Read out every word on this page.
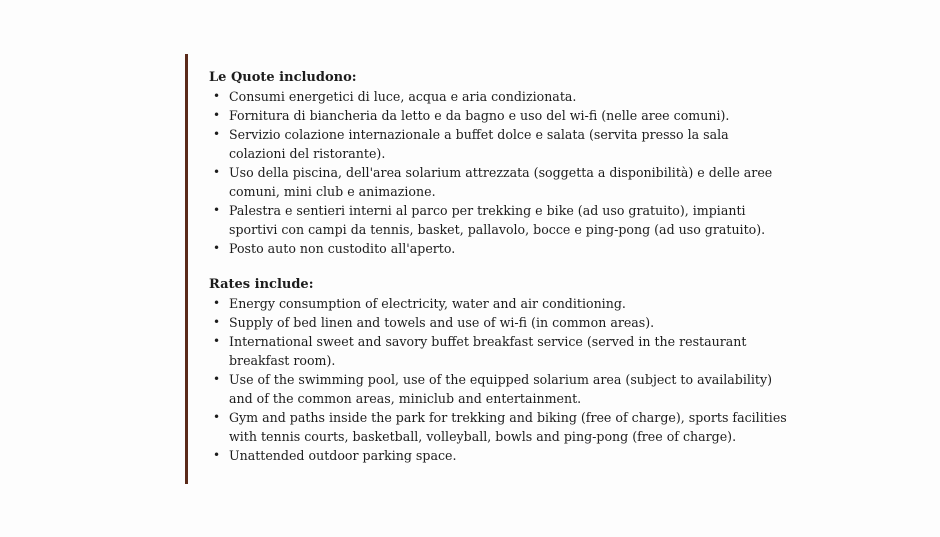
Le Quote includono:

• Consumi energetici di luce, acqua e aria condizionata.
• Fornitura di biancheria da letto e da bagno e uso del wi-fi (nelle aree comuni).
• Servizio colazione internazionale a buffet dolce e salata (servita presso la sala colazioni del ristorante).
• Uso della piscina, dell'area solarium attrezzata (soggetta a disponibilità) e delle aree comuni, mini club e animazione.
• Palestra e sentieri interni al parco per trekking e bike (ad uso gratuito), impianti sportivi con campi da tennis, basket, pallavolo, bocce e ping-pong (ad uso gratuito).
• Posto auto non custodito all'aperto.

Rates include:

• Energy consumption of electricity, water and air conditioning.
• Supply of bed linen and towels and use of wi-fi (in common areas).
• International sweet and savory buffet breakfast service (served in the restaurant breakfast room).
• Use of the swimming pool, use of the equipped solarium area (subject to availability) and of the common areas, miniclub and entertainment.
• Gym and paths inside the park for trekking and biking (free of charge), sports facilities with tennis courts, basketball, volleyball, bowls and ping-pong (free of charge).
• Unattended outdoor parking space.
